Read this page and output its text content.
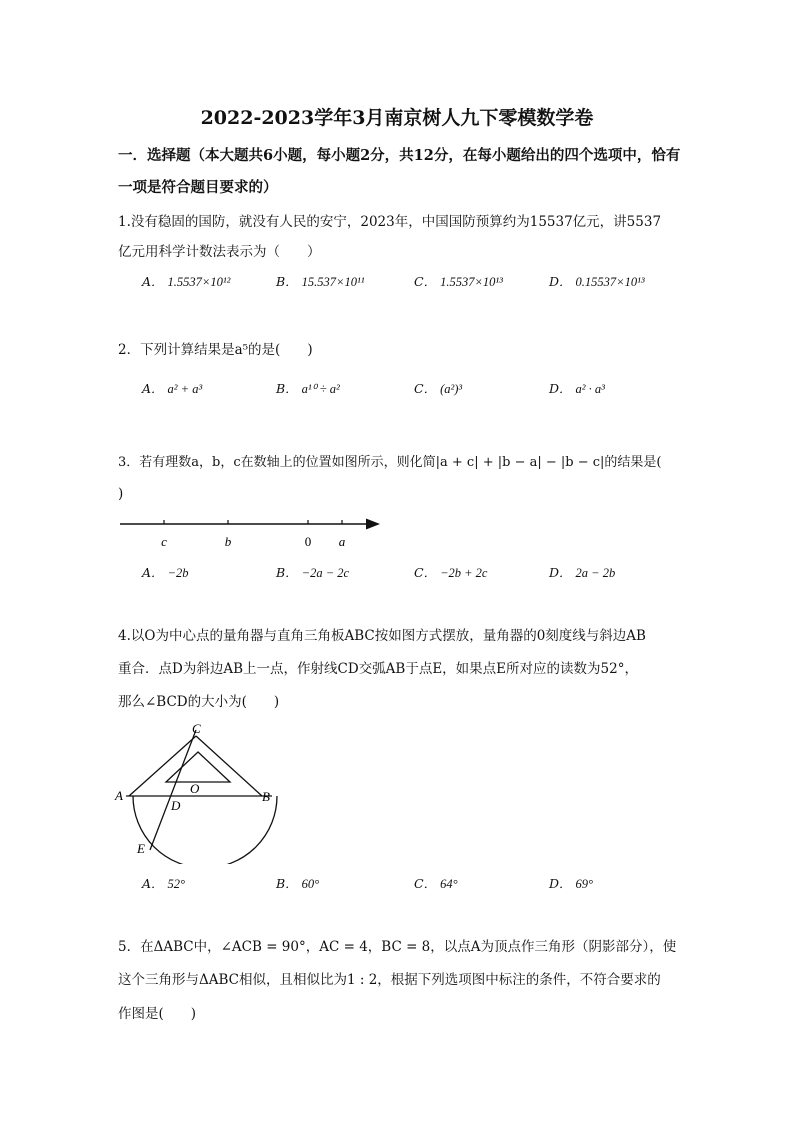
2022-2023学年3月南京树人九下零模数学卷
一．选择题（本大题共6小题，每小题2分，共12分，在每小题给出的四个选项中，恰有
一项是符合题目要求的）
1.没有稳固的国防，就没有人民的安宁，2023年，中国国防预算约为15537亿元，讲5537
亿元用科学计数法表示为（　　）
A． 1.5537×10¹²	B． 15.537×10¹¹	C． 1.5537×10¹³	D． 0.15537×10¹³
2．下列计算结果是a⁵的是(　　)
A． a² + a³	B． a¹⁰ ÷ a²	C． (a²)³	D． a² · a³
3．若有理数a，b，c在数轴上的位置如图所示，则化简|a + c| + |b − a| − |b − c|的结果是(
)
c	b	0 a
A． −2b	B． −2a − 2c	C． −2b + 2c	D． 2a − 2b
4.以O为中心点的量角器与直角三角板ABC按如图方式摆放，量角器的0刻度线与斜边AB
重合．点D为斜边AB上一点，作射线CD交弧AB于点E，如果点E所对应的读数为52°，
那么∠BCD的大小为(　　)
C
A	O
B
D
E
A． 52°	B． 60°	C． 64°	D． 69°
5．在ΔABC中，∠ACB = 90°，AC = 4，BC = 8，以点A为顶点作三角形（阴影部分），使
这个三角形与ΔABC相似，且相似比为1 : 2，根据下列选项图中标注的条件，不符合要求的
作图是(　　)
